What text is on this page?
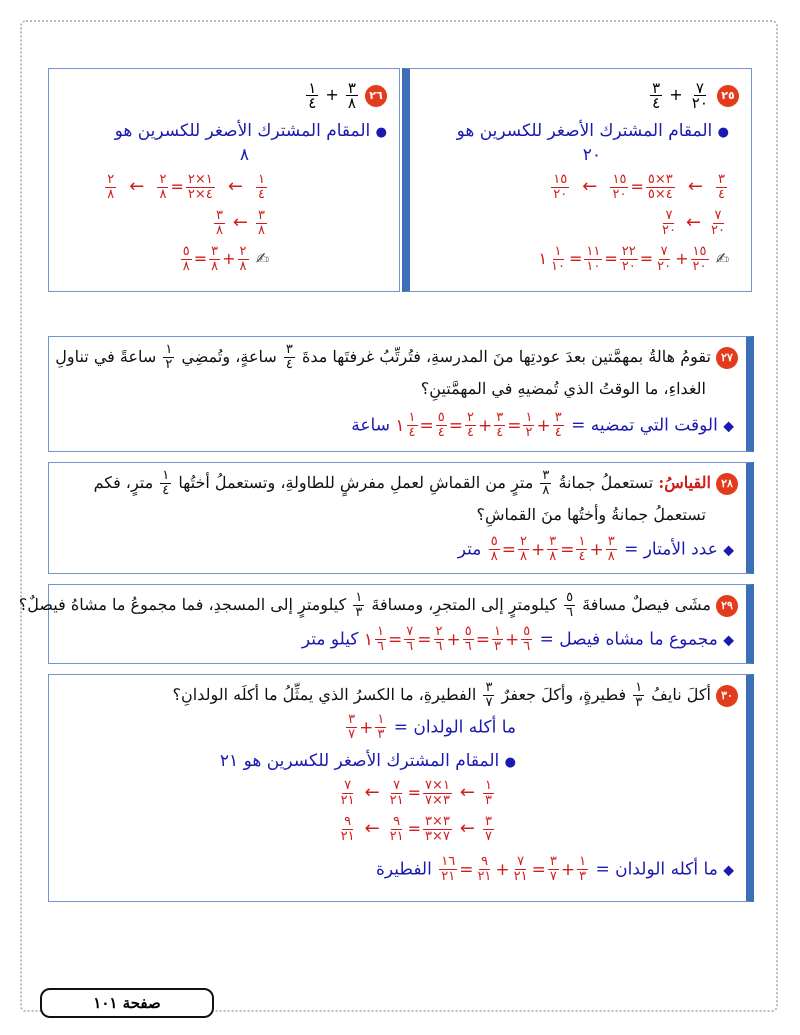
٢٥
$\frac{٧}{٢٠}$
+
$\frac{٣}{٤}$
● المقام المشترك الأصغر للكسرين هو
٢٠
$\frac{٣}{٤}$
←
$\frac{٣\times ٥}{٤\times ٥}$
=
$\frac{١٥}{٢٠}$
←
$\frac{١٥}{٢٠}$
$\frac{٧}{٢٠}$
←
$\frac{٧}{٢٠}$
✍
$\frac{١٥}{٢٠}$
+
$\frac{٧}{٢٠}$
=
$\frac{٢٢}{٢٠}$
=
$\frac{١١}{١٠}$
=
$\frac{١}{١٠}$
١
٢٦
$\frac{٣}{٨}$
+
$\frac{١}{٤}$
● المقام المشترك الأصغر للكسرين هو
٨
$\frac{١}{٤}$
←
$\frac{١\times ٢}{٤\times ٢}$
=
$\frac{٢}{٨}$
←
$\frac{٢}{٨}$
$\frac{٣}{٨}$
←
$\frac{٣}{٨}$
✍
$\frac{٢}{٨}$
+
$\frac{٣}{٨}$
=
$\frac{٥}{٨}$
٢٧ تقومُ هالةُ بمهمَّتين بعدَ عودتِها منَ المدرسةِ، فتُرتِّبُ غرفتَها مدةَ
$\frac{٣}{٤}$
ساعةٍ، وتُمضِي
$\frac{١}{٢}$
ساعةً في تناولِ
الغداءِ، ما الوقتُ الذي تُمضيهِ في المهمَّتينِ؟
◆ الوقت التي تمضيه =
$\frac{٣}{٤}$
+
$\frac{١}{٢}$
=
$\frac{٣}{٤}$
+
$\frac{٢}{٤}$
=
$\frac{٥}{٤}$
=
$\frac{١}{٤}$
١ ساعة
٢٨ القياسُ: تستعملُ جمانةُ
$\frac{٣}{٨}$
مترٍ من القماشِ لعملِ مفرشٍ للطاولةِ، وتستعملُ أختُها
$\frac{١}{٤}$
مترٍ، فكم
تستعملُ جمانةُ وأختُها منَ القماشِ؟
◆ عدد الأمتار =
$\frac{٣}{٨}$
+
$\frac{١}{٤}$
=
$\frac{٣}{٨}$
+
$\frac{٢}{٨}$
=
$\frac{٥}{٨}$
متر
٢٩ مشَى فيصلٌ مسافةَ
$\frac{٥}{٦}$
كيلومترٍ إلى المتجرِ، ومسافةَ
$\frac{١}{٣}$
كيلومترٍ إلى المسجدِ، فما مجموعُ ما مشاهُ فيصلٌ؟
◆ مجموع ما مشاه فيصل =
$\frac{٥}{٦}$
+
$\frac{١}{٣}$
=
$\frac{٥}{٦}$
+
$\frac{٢}{٦}$
=
$\frac{٧}{٦}$
=
$\frac{١}{٦}$
١ كيلو متر
٣٠ أكلَ نايفُ
$\frac{١}{٣}$
فطيرةٍ، وأكلَ جعفرٌ
$\frac{٣}{٧}$
الفطيرةِ، ما الكسرُ الذي يمثِّلُ ما أكلَه الولدانِ؟
ما أكله الولدان =
$\frac{١}{٣}$
+
$\frac{٣}{٧}$
● المقام المشترك الأصغر للكسرين هو ٢١
$\frac{١}{٣}$
←
$\frac{١\times ٧}{٣\times ٧}$
=
$\frac{٧}{٢١}$
←
$\frac{٧}{٢١}$
$\frac{٣}{٧}$
←
$\frac{٣\times ٣}{٧\times ٣}$
=
$\frac{٩}{٢١}$
←
$\frac{٩}{٢١}$
◆ ما أكله الولدان =
$\frac{١}{٣}$
+
$\frac{٣}{٧}$
=
$\frac{٧}{٢١}$
+
$\frac{٩}{٢١}$
=
$\frac{١٦}{٢١}$
الفطيرة
صفحة ١٠١
